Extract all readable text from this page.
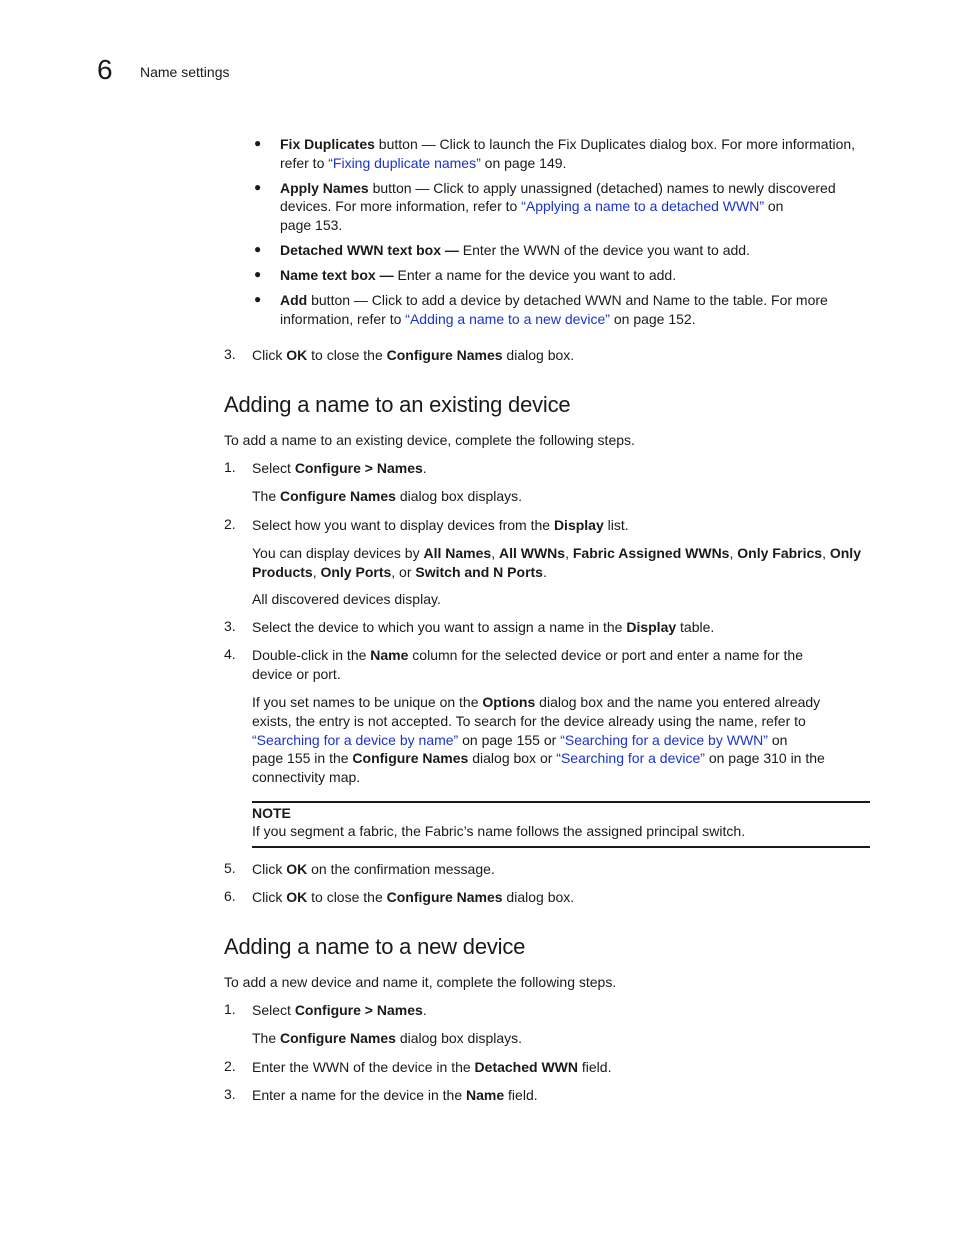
6 Name settings
● Fix Duplicates button — Click to launch the Fix Duplicates dialog box. For more information,

refer to “Fixing duplicate names” on page 149.

● Apply Names button — Click to apply unassigned (detached) names to newly discovered

devices. For more information, refer to “Applying a name to a detached WWN” on

page 153.

● Detached WWN text box — Enter the WWN of the device you want to add.

● Name text box — Enter a name for the device you want to add.

● Add button — Click to add a device by detached WWN and Name to the table. For more

information, refer to “Adding a name to a new device” on page 152.

3. Click OK to close the Configure Names dialog box.

Adding a name to an existing device

To add a name to an existing device, complete the following steps.

1. Select Configure > Names.

The Configure Names dialog box displays.

2. Select how you want to display devices from the Display list.

You can display devices by All Names, All WWNs, Fabric Assigned WWNs, Only Fabrics, Only

Products, Only Ports, or Switch and N Ports.

All discovered devices display.

3. Select the device to which you want to assign a name in the Display table.

4. Double-click in the Name column for the selected device or port and enter a name for the

device or port.

If you set names to be unique on the Options dialog box and the name you entered already

exists, the entry is not accepted. To search for the device already using the name, refer to

“Searching for a device by name” on page 155 or “Searching for a device by WWN” on

page 155 in the Configure Names dialog box or “Searching for a device” on page 310 in the

connectivity map.

NOTE

If you segment a fabric, the Fabric’s name follows the assigned principal switch.

5. Click OK on the confirmation message.

6. Click OK to close the Configure Names dialog box.

Adding a name to a new device

To add a new device and name it, complete the following steps.

1. Select Configure > Names.

The Configure Names dialog box displays.

2. Enter the WWN of the device in the Detached WWN field.

3. Enter a name for the device in the Name field.
